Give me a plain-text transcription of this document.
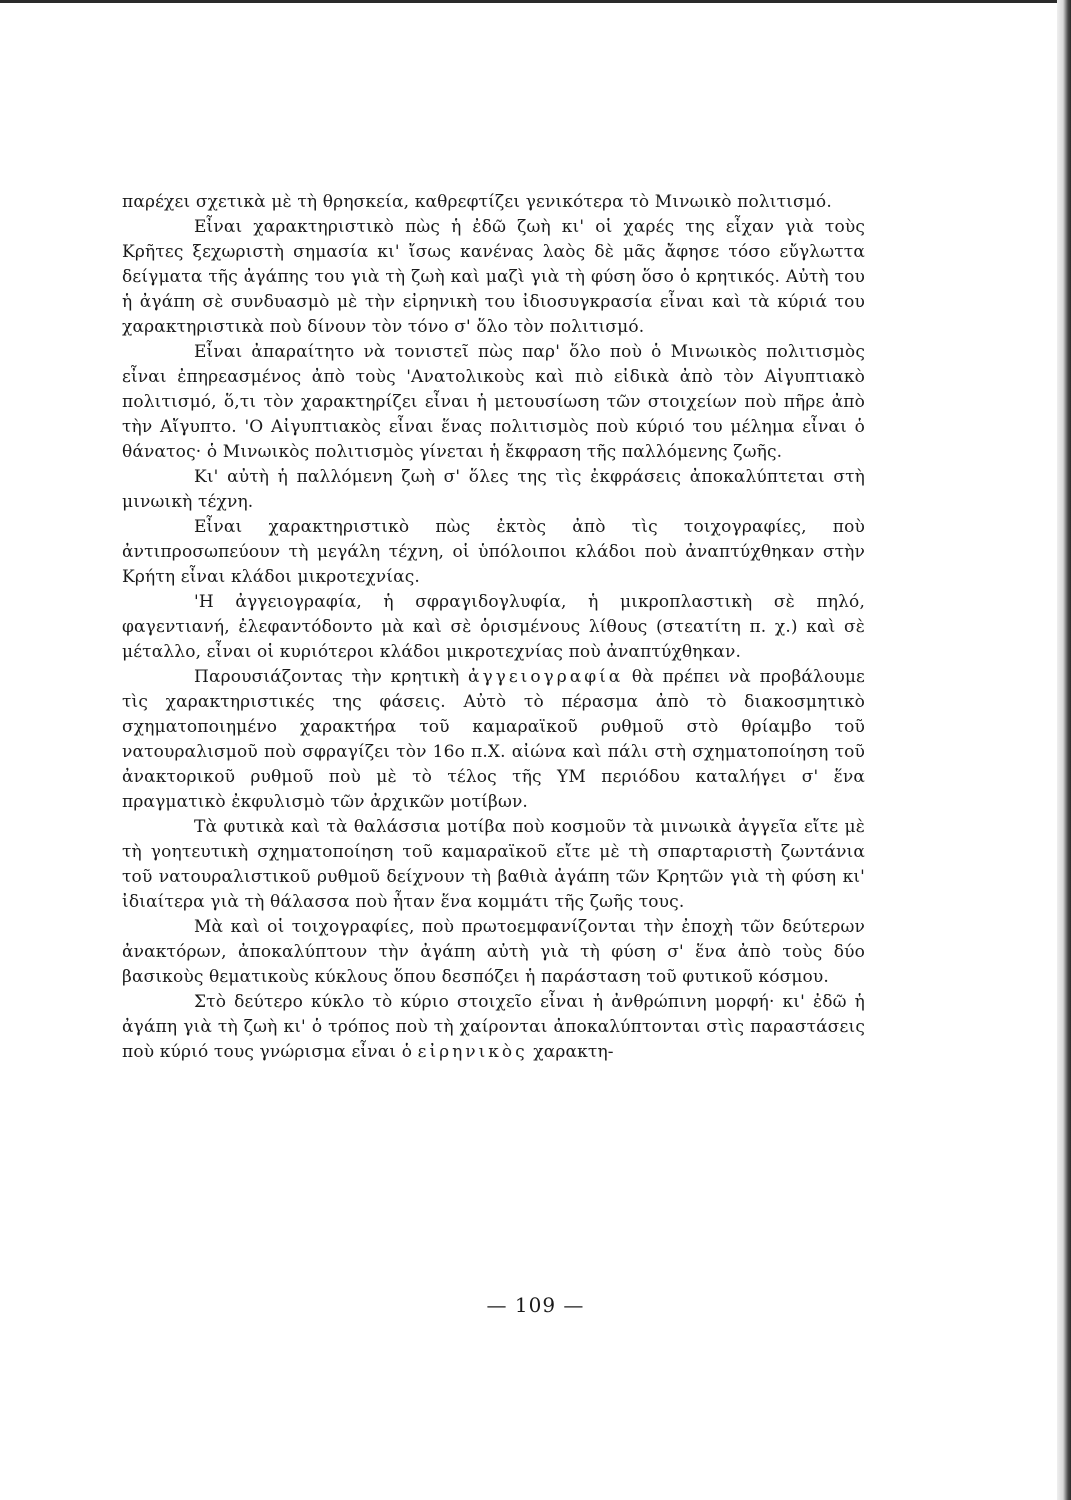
παρέχει σχετικὰ μὲ τὴ θρησκεία, καθρεφτίζει γενικότερα τὸ Μινωικὸ πολιτισμό.

Εἶναι χαρακτηριστικὸ πὼς ἡ ἐδῶ ζωὴ κι' οἱ χαρές της εἶχαν γιὰ τοὺς Κρῆτες ξεχωριστὴ σημασία κι' ἴσως κανένας λαὸς δὲ μᾶς ἄφησε τόσο εὔγλωττα δείγματα τῆς ἀγάπης του γιὰ τὴ ζωὴ καὶ μαζὶ γιὰ τὴ φύση ὅσο ὁ κρητικός. Αὐτὴ του ἡ ἀγάπη σὲ συνδυασμὸ μὲ τὴν εἰρηνικὴ του ἰδιοσυγκρασία εἶναι καὶ τὰ κύριά του χαρακτηριστικὰ ποὺ δίνουν τὸν τόνο σ' ὅλο τὸν πολιτισμό.

Εἶναι ἀπαραίτητο νὰ τονιστεῖ πὼς παρ' ὅλο ποὺ ὁ Μινωικὸς πολιτισμὸς εἶναι ἐπηρεασμένος ἀπὸ τοὺς 'Ανατολικοὺς καὶ πιὸ εἰδικὰ ἀπὸ τὸν Αἰγυπτιακὸ πολιτισμό, ὅ,τι τὸν χαρακτηρίζει εἶναι ἡ μετουσίωση τῶν στοιχείων ποὺ πῆρε ἀπὸ τὴν Αἴγυπτο. 'Ο Αἰγυπτιακὸς εἶναι ἕνας πολιτισμὸς ποὺ κύριό του μέλημα εἶναι ὁ θάνατος· ὁ Μινωικὸς πολιτισμὸς γίνεται ἡ ἔκφραση τῆς παλλόμενης ζωῆς.

Κι' αὐτὴ ἡ παλλόμενη ζωὴ σ' ὅλες της τὶς ἐκφράσεις ἀποκαλύπτεται στὴ μινωικὴ τέχνη.

Εἶναι χαρακτηριστικὸ πὼς ἐκτὸς ἀπὸ τὶς τοιχογραφίες, ποὺ ἀντιπροσωπεύουν τὴ μεγάλη τέχνη, οἱ ὑπόλοιποι κλάδοι ποὺ ἀναπτύχθηκαν στὴν Κρήτη εἶναι κλάδοι μικροτεχνίας.

'Η ἀγγειογραφία, ἡ σφραγιδογλυφία, ἡ μικροπλαστικὴ σὲ πηλό, φαγεντιανή, ἐλεφαντόδοντο μὰ καὶ σὲ ὁρισμένους λίθους (στεατίτη π. χ.) καὶ σὲ μέταλλο, εἶναι οἱ κυριότεροι κλάδοι μικροτεχνίας ποὺ ἀναπτύχθηκαν.

Παρουσιάζοντας τὴν κρητικὴ ἀγγειογραφία θὰ πρέπει νὰ προβάλουμε τὶς χαρακτηριστικές της φάσεις. Αὐτὸ τὸ πέρασμα ἀπὸ τὸ διακοσμητικὸ σχηματοποιημένο χαρακτήρα τοῦ καμαραϊκοῦ ρυθμοῦ στὸ θρίαμβο τοῦ νατουραλισμοῦ ποὺ σφραγίζει τὸν 16ο π.Χ. αἰώνα καὶ πάλι στὴ σχηματοποίηση τοῦ ἀνακτορικοῦ ρυθμοῦ ποὺ μὲ τὸ τέλος τῆς ΥΜ περιόδου καταλήγει σ' ἕνα πραγματικὸ ἐκφυλισμὸ τῶν ἀρχικῶν μοτίβων.

Τὰ φυτικὰ καὶ τὰ θαλάσσια μοτίβα ποὺ κοσμοῦν τὰ μινωικὰ ἀγγεῖα εἴτε μὲ τὴ γοητευτικὴ σχηματοποίηση τοῦ καμαραϊκοῦ εἴτε μὲ τὴ σπαρταριστὴ ζωντάνια τοῦ νατουραλιστικοῦ ρυθμοῦ δείχνουν τὴ βαθιὰ ἀγάπη τῶν Κρητῶν γιὰ τὴ φύση κι' ἰδιαίτερα γιὰ τὴ θάλασσα ποὺ ἦταν ἕνα κομμάτι τῆς ζωῆς τους.

Μὰ καὶ οἱ τοιχογραφίες, ποὺ πρωτοεμφανίζονται τὴν ἐποχὴ τῶν δεύτερων ἀνακτόρων, ἀποκαλύπτουν τὴν ἀγάπη αὐτὴ γιὰ τὴ φύση σ' ἕνα ἀπὸ τοὺς δύο βασικοὺς θεματικοὺς κύκλους ὅπου δεσπόζει ἡ παράσταση τοῦ φυτικοῦ κόσμου.

Στὸ δεύτερο κύκλο τὸ κύριο στοιχεῖο εἶναι ἡ ἀνθρώπινη μορφή· κι' ἐδῶ ἡ ἀγάπη γιὰ τὴ ζωὴ κι' ὁ τρόπος ποὺ τὴ χαίρονται ἀποκαλύπτονται στὶς παραστάσεις ποὺ κύριό τους γνώρισμα εἶναι ὁ εἰρηνικὸς χαρακτη-

— 109 —
